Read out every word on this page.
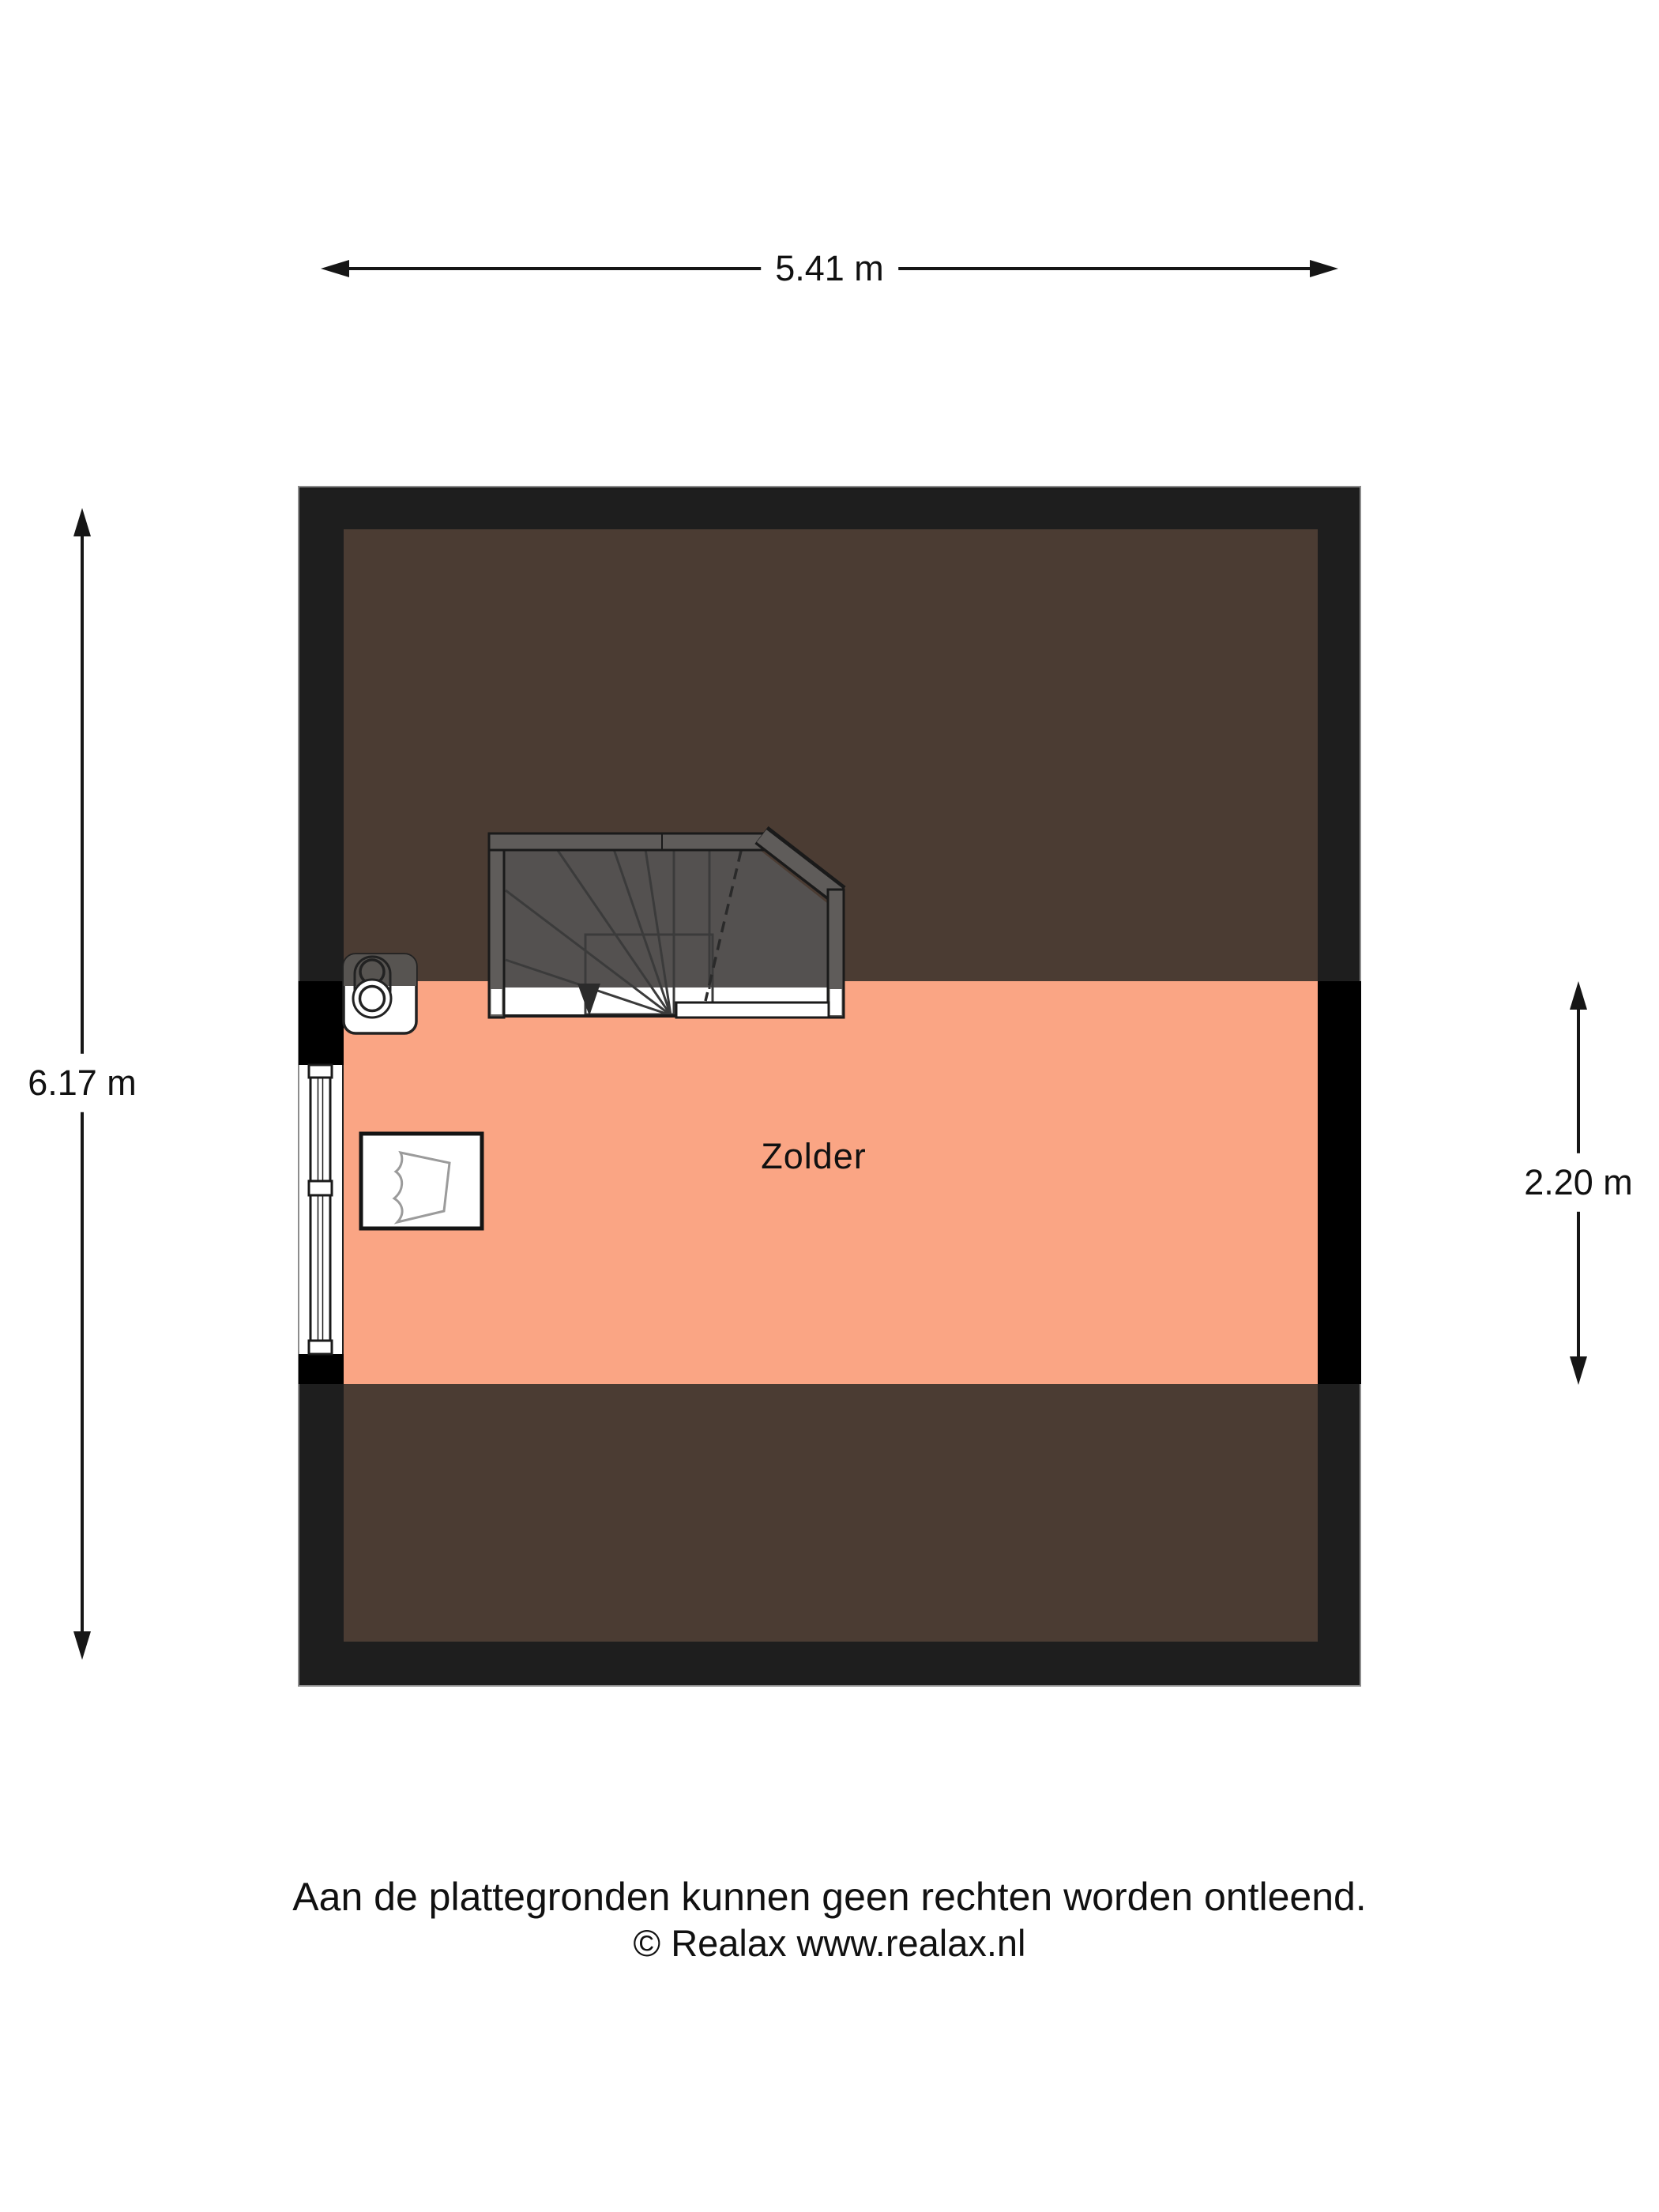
5.41 m
6.17 m
2.20 m
Zolder
Aan de plattegronden kunnen geen rechten worden ontleend.
© Realax www.realax.nl
